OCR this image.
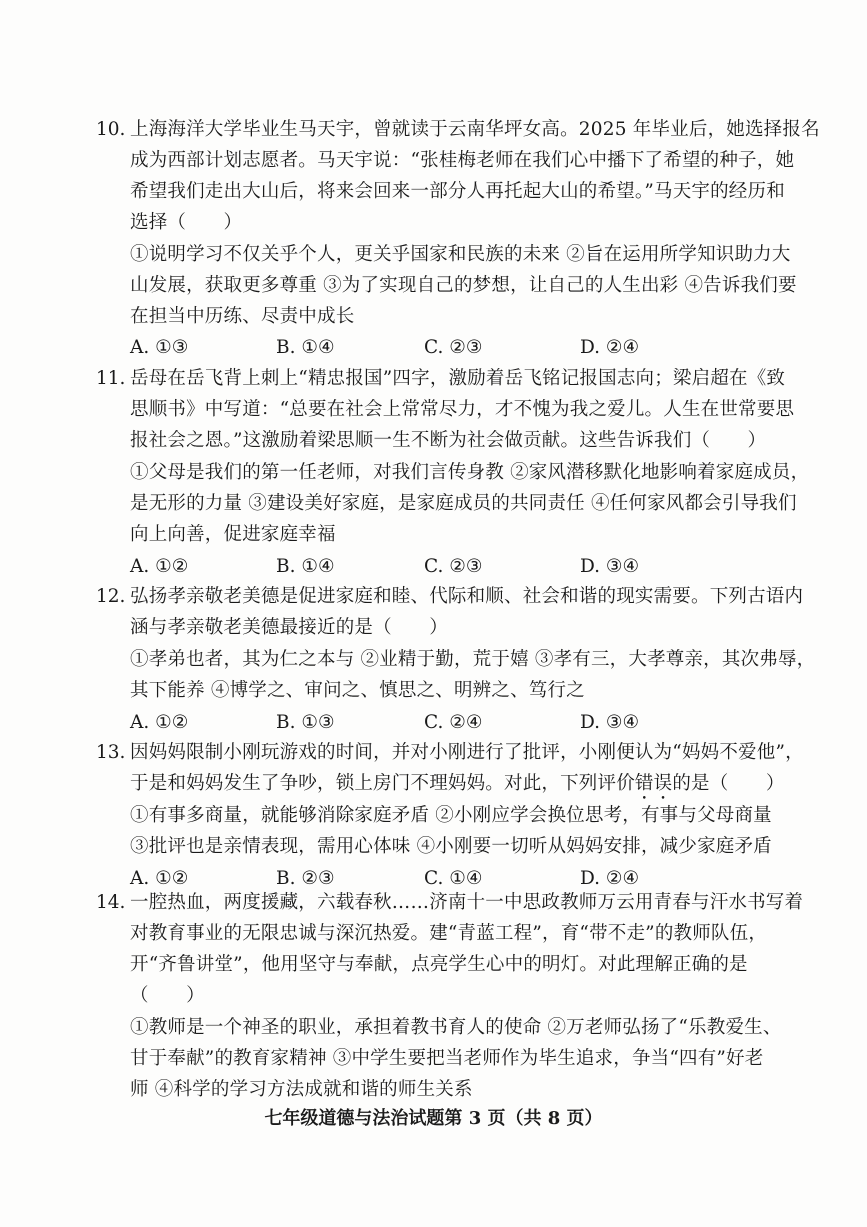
10. 上海海洋大学毕业生马天宇，曾就读于云南华坪女高。2025 年毕业后，她选择报名
成为西部计划志愿者。马天宇说：“张桂梅老师在我们心中播下了希望的种子，她
希望我们走出大山后，将来会回来一部分人再托起大山的希望。”马天宇的经历和
选择（　　）
①说明学习不仅关乎个人，更关乎国家和民族的未来 ②旨在运用所学知识助力大
山发展，获取更多尊重 ③为了实现自己的梦想，让自己的人生出彩 ④告诉我们要
在担当中历练、尽责中成长
A. ①③	B. ①④	C. ②③	D. ②④
11. 岳母在岳飞背上刺上“精忠报国”四字，激励着岳飞铭记报国志向；梁启超在《致
思顺书》中写道：“总要在社会上常常尽力，才不愧为我之爱儿。人生在世常要思
报社会之恩。”这激励着梁思顺一生不断为社会做贡献。这些告诉我们（　　）
①父母是我们的第一任老师，对我们言传身教 ②家风潜移默化地影响着家庭成员，
是无形的力量 ③建设美好家庭，是家庭成员的共同责任 ④任何家风都会引导我们
向上向善，促进家庭幸福
A. ①②	B. ①④	C. ②③	D. ③④
12. 弘扬孝亲敬老美德是促进家庭和睦、代际和顺、社会和谐的现实需要。下列古语内
涵与孝亲敬老美德最接近的是（　　）
①孝弟也者，其为仁之本与 ②业精于勤，荒于嬉 ③孝有三，大孝尊亲，其次弗辱，
其下能养 ④博学之、审问之、慎思之、明辨之、笃行之
A. ①②	B. ①③	C. ②④	D. ③④
13. 因妈妈限制小刚玩游戏的时间，并对小刚进行了批评，小刚便认为“妈妈不爱他”，
于是和妈妈发生了争吵，锁上房门不理妈妈。对此，下列评价错误的是（　　）
①有事多商量，就能够消除家庭矛盾 ②小刚应学会换位思考，有事与父母商量
③批评也是亲情表现，需用心体味 ④小刚要一切听从妈妈安排，减少家庭矛盾
A. ①②	B. ②③	C. ①④	D. ②④
14. 一腔热血，两度援藏，六载春秋……济南十一中思政教师万云用青春与汗水书写着
对教育事业的无限忠诚与深沉热爱。建“青蓝工程”，育“带不走”的教师队伍，
开“齐鲁讲堂”，他用坚守与奉献，点亮学生心中的明灯。对此理解正确的是
（　　）
①教师是一个神圣的职业，承担着教书育人的使命 ②万老师弘扬了“乐教爱生、
甘于奉献”的教育家精神 ③中学生要把当老师作为毕生追求，争当“四有”好老
师 ④科学的学习方法成就和谐的师生关系
七年级道德与法治试题第 3 页（共 8 页）
